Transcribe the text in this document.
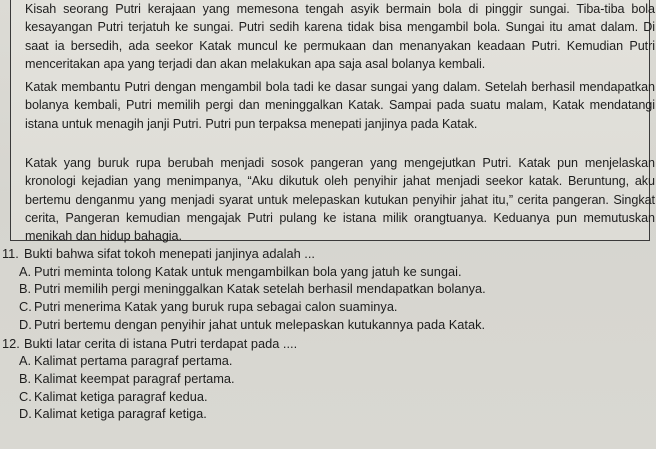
Kisah seorang Putri kerajaan yang memesona tengah asyik bermain bola di pinggir sungai. Tiba-tiba bola kesayangan Putri terjatuh ke sungai. Putri sedih karena tidak bisa mengambil bola. Sungai itu amat dalam. Di saat ia bersedih, ada seekor Katak muncul ke permukaan dan menanyakan keadaan Putri. Kemudian Putri menceritakan apa yang terjadi dan akan melakukan apa saja asal bolanya kembali.

Katak membantu Putri dengan mengambil bola tadi ke dasar sungai yang dalam. Setelah berhasil mendapatkan bolanya kembali, Putri memilih pergi dan meninggalkan Katak. Sampai pada suatu malam, Katak mendatangi istana untuk menagih janji Putri. Putri pun terpaksa menepati janjinya pada Katak.

Katak yang buruk rupa berubah menjadi sosok pangeran yang mengejutkan Putri. Katak pun menjelaskan kronologi kejadian yang menimpanya, “Aku dikutuk oleh penyihir jahat menjadi seekor katak. Beruntung, aku bertemu denganmu yang menjadi syarat untuk melepaskan kutukan penyihir jahat itu,” cerita pangeran. Singkat cerita, Pangeran kemudian mengajak Putri pulang ke istana milik orangtuanya. Keduanya pun memutuskan menikah dan hidup bahagia.

11. Bukti bahwa sifat tokoh menepati janjinya adalah ...
A. Putri meminta tolong Katak untuk mengambilkan bola yang jatuh ke sungai.
B. Putri memilih pergi meninggalkan Katak setelah berhasil mendapatkan bolanya.
C. Putri menerima Katak yang buruk rupa sebagai calon suaminya.
D. Putri bertemu dengan penyihir jahat untuk melepaskan kutukannya pada Katak.
12. Bukti latar cerita di istana Putri terdapat pada ....
A. Kalimat pertama paragraf pertama.
B. Kalimat keempat paragraf pertama.
C. Kalimat ketiga paragraf kedua.
D. Kalimat ketiga paragraf ketiga.
